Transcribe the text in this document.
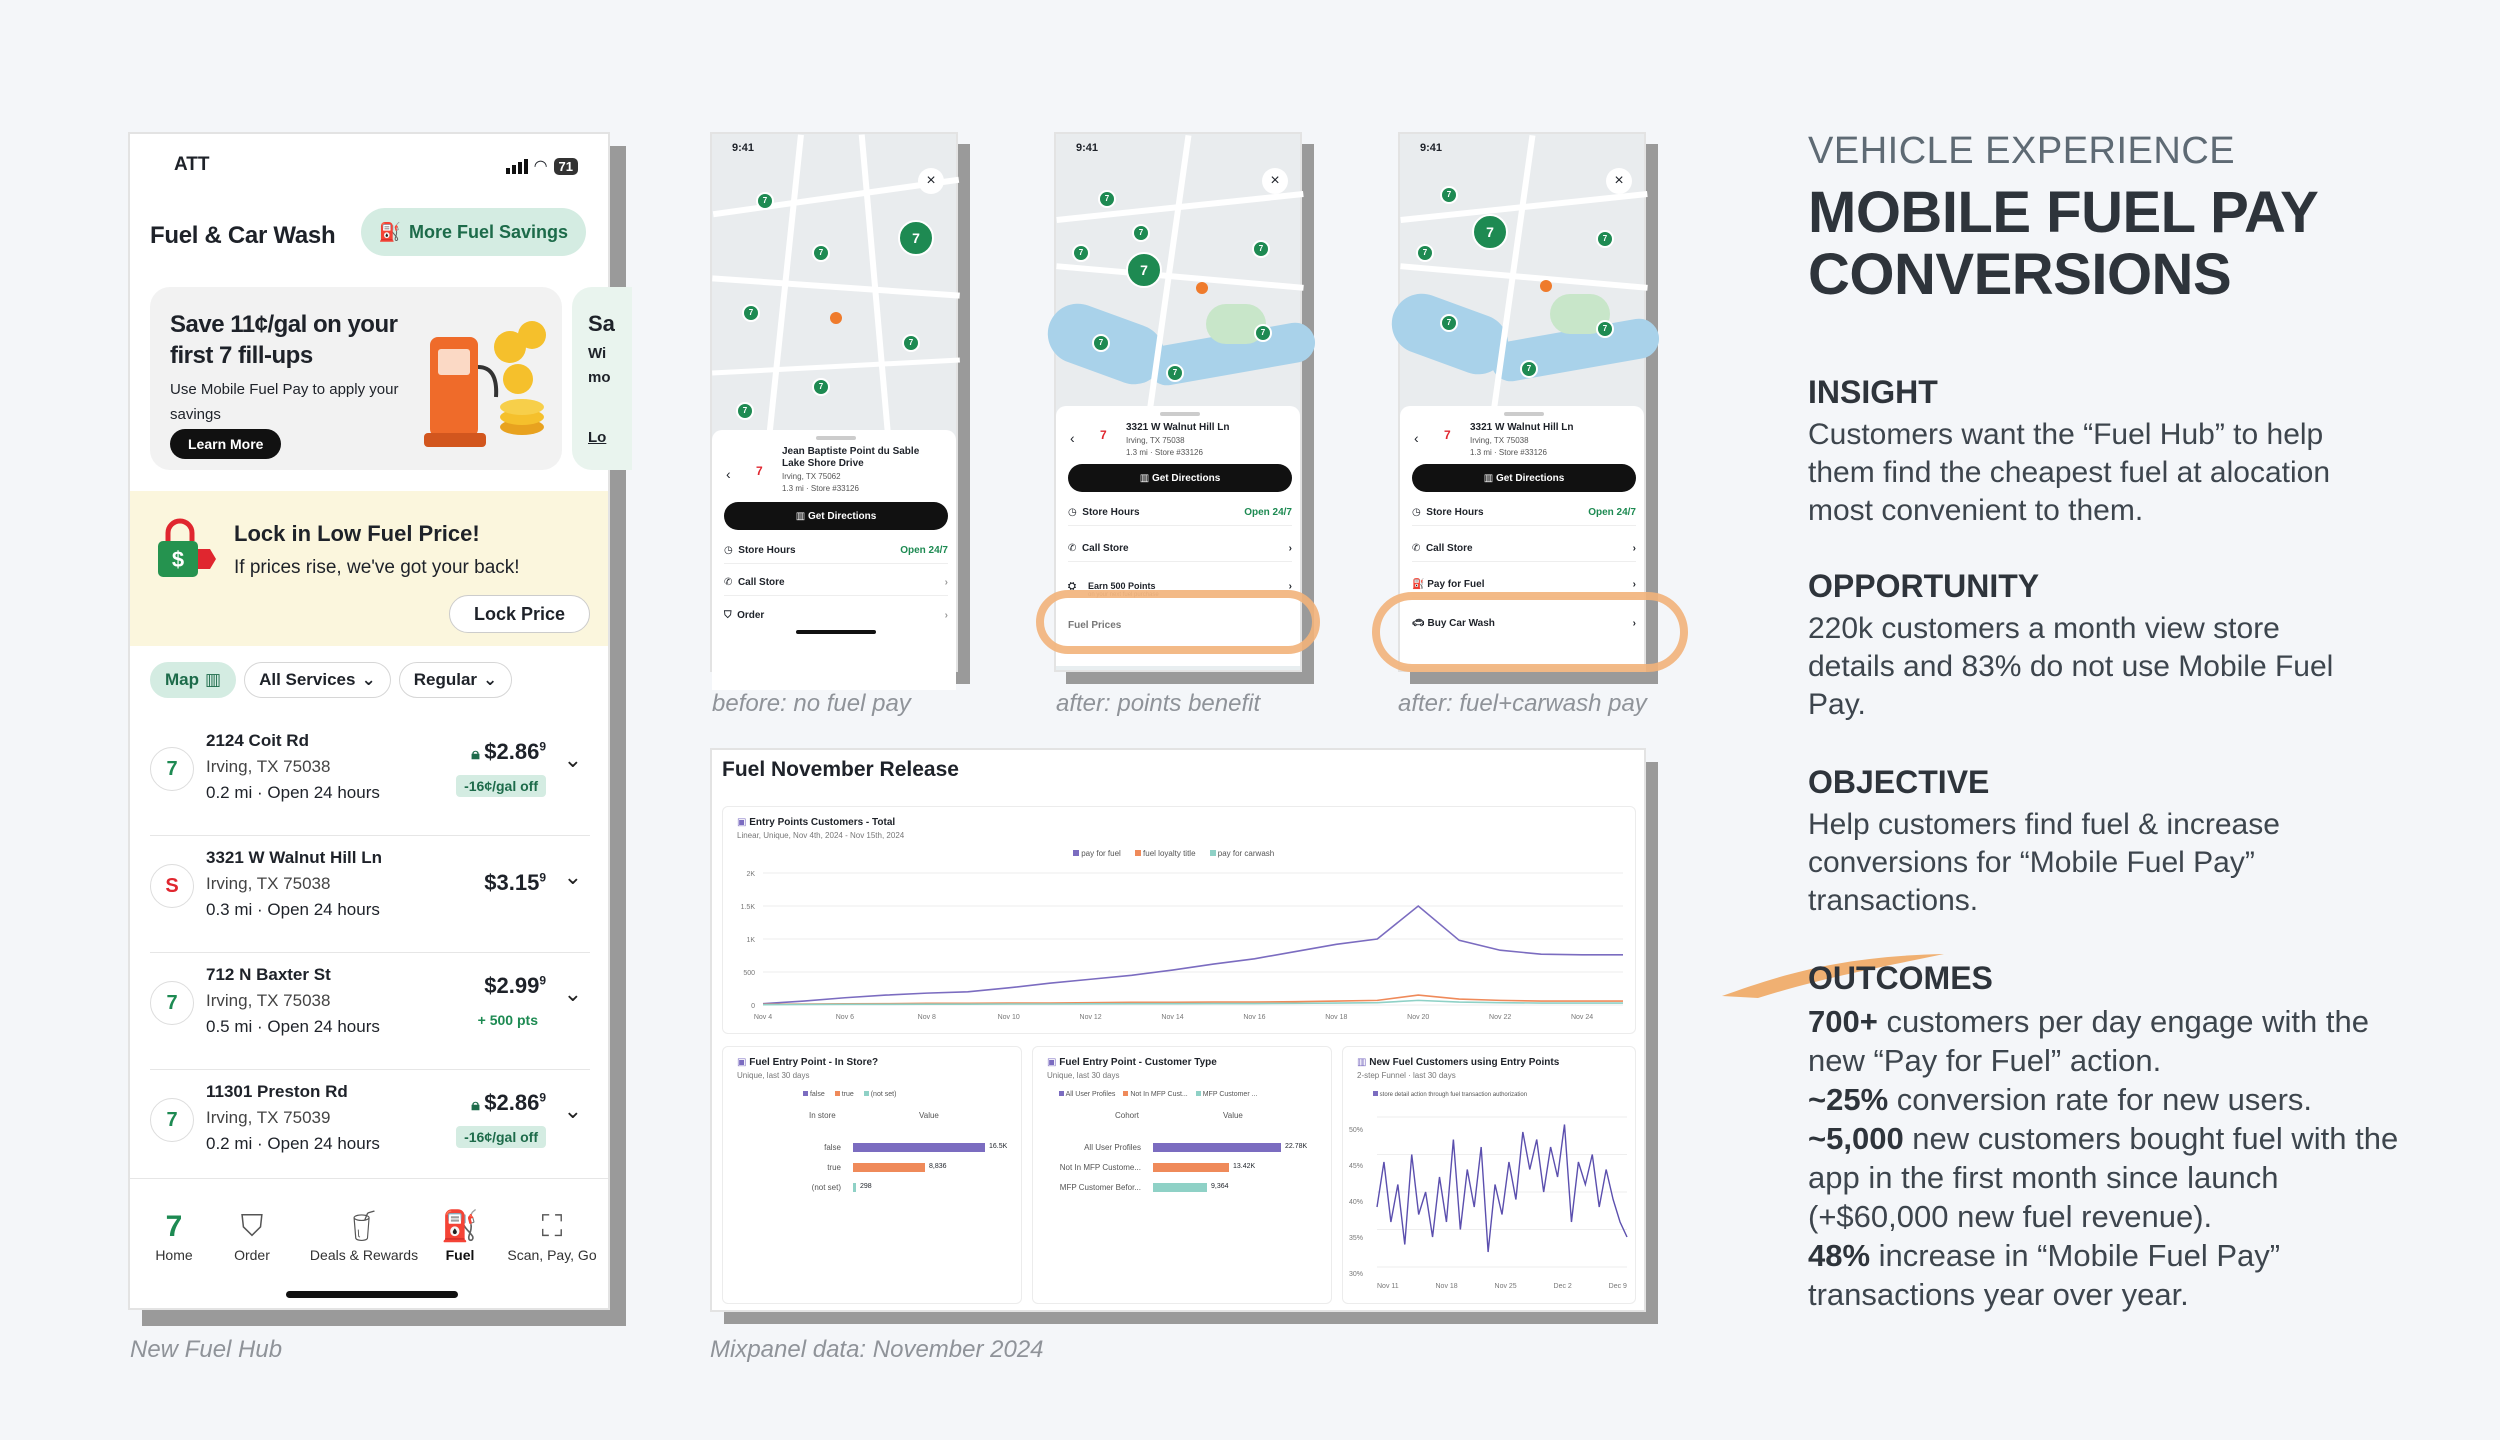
ATT	◠ 71
Fuel & Car Wash ⛽ More Fuel Savings
Save 11¢/gal on your first 7 fill-ups
Use Mobile Fuel Pay to apply your savings
Learn More
Sa
Wi
mo
Lo
$
Lock in Low Fuel Price!
If prices rise, we've got your back!
Lock Price
Map ▥ All Services ⌄ Regular ⌄
7
2124 Coit Rd
Irving, TX 75038
0.2 mi · Open 24 hours
🔒︎ $2.86$^9$
-16¢/gal off
⌄
S
3321 W Walnut Hill Ln
Irving, TX 75038
0.3 mi · Open 24 hours
$3.15$^9$ ⌄
7
712 N Baxter St
Irving, TX 75038
0.5 mi · Open 24 hours
$\$2.99^9$
+ 500 pts
⌄
7
11301 Preston Rd
Irving, TX 75039
0.2 mi · Open 24 hours
🔒︎ $2.86$^9$
-16¢/gal off
⌄
7
Home
⛉
Order
🥤︎
Deals & Rewards
⛽
Fuel
⛶
Scan, Pay, Go
New Fuel Hub
7
7
7
7
7
7
7
9:41
×
‹ 7
Jean Baptiste Point du Sable Lake Shore Drive
Irving, TX 75062
1.3 mi · Store #33126
▥ Get Directions
◷ Store Hours	Open 24/7
✆ Call Store	›
⛉ Order	›
before: no fuel pay
7
7
7
7
7
7
7
7
9:41
×
‹ 7
3321 W Walnut Hill Ln
Irving, TX 75038
1.3 mi · Store #33126
▥ Get Directions
◷ Store Hours	Open 24/7
✆ Call Store	›
⛭	Earn 500 Points	›
on your next fuel purchase
Fuel Prices
after: points benefit
7
7	7
7
7
7
7
9:41
×
‹ 7
3321 W Walnut Hill Ln
Irving, TX 75038
1.3 mi · Store #33126
▥ Get Directions
◷ Store Hours	Open 24/7
✆ Call Store	›
⛽ Pay for Fuel	›
🚗︎ Buy Car Wash	›
after: fuel+carwash pay
Fuel November Release
▣ Entry Points Customers - Total
Linear, Unique, Nov 4th, 2024 - Nov 15th, 2024
pay for fuel	fuel loyalty title	pay for carwash
2K
1.5K
1K
500
0
Nov 4	Nov 6	Nov 8	Nov 10	Nov 12	Nov 14	Nov 16	Nov 18	Nov 20	Nov 22	Nov 24
▣ Fuel Entry Point - In Store?
Unique, last 30 days
false	true	(not set)
In store	Value
false	16.5K
true	8,836
(not set)	298
▣ Fuel Entry Point - Customer Type
Unique, last 30 days
All User Profiles	Not In MFP Cust...	MFP Customer ...
Cohort	Value
All User Profiles	22.78K
Not In MFP Custome...	13.42K
MFP Customer Befor...	9,364
▥ New Fuel Customers using Entry Points
2-step Funnel · last 30 days
store detail action through fuel transaction authorization
50%
45%
40%
35%
30%
Nov 11	Nov 18	Nov 25	Dec 2	Dec 9
Mixpanel data: November 2024
VEHICLE EXPERIENCE
MOBILE FUEL PAY
CONVERSIONS
INSIGHT
Customers want the “Fuel Hub” to help them find the cheapest fuel at alocation most convenient to them.
OPPORTUNITY
220k customers a month view store details and 83% do not use Mobile Fuel Pay.
OBJECTIVE
Help customers find fuel & increase conversions for “Mobile Fuel Pay” transactions.
OUTCOMES
700+ customers per day engage with the new “Pay for Fuel” action.
~25% conversion rate for new users.
~5,000 new customers bought fuel with the app in the first month since launch (+$60,000 new fuel revenue).
48% increase in “Mobile Fuel Pay” transactions year over year.
